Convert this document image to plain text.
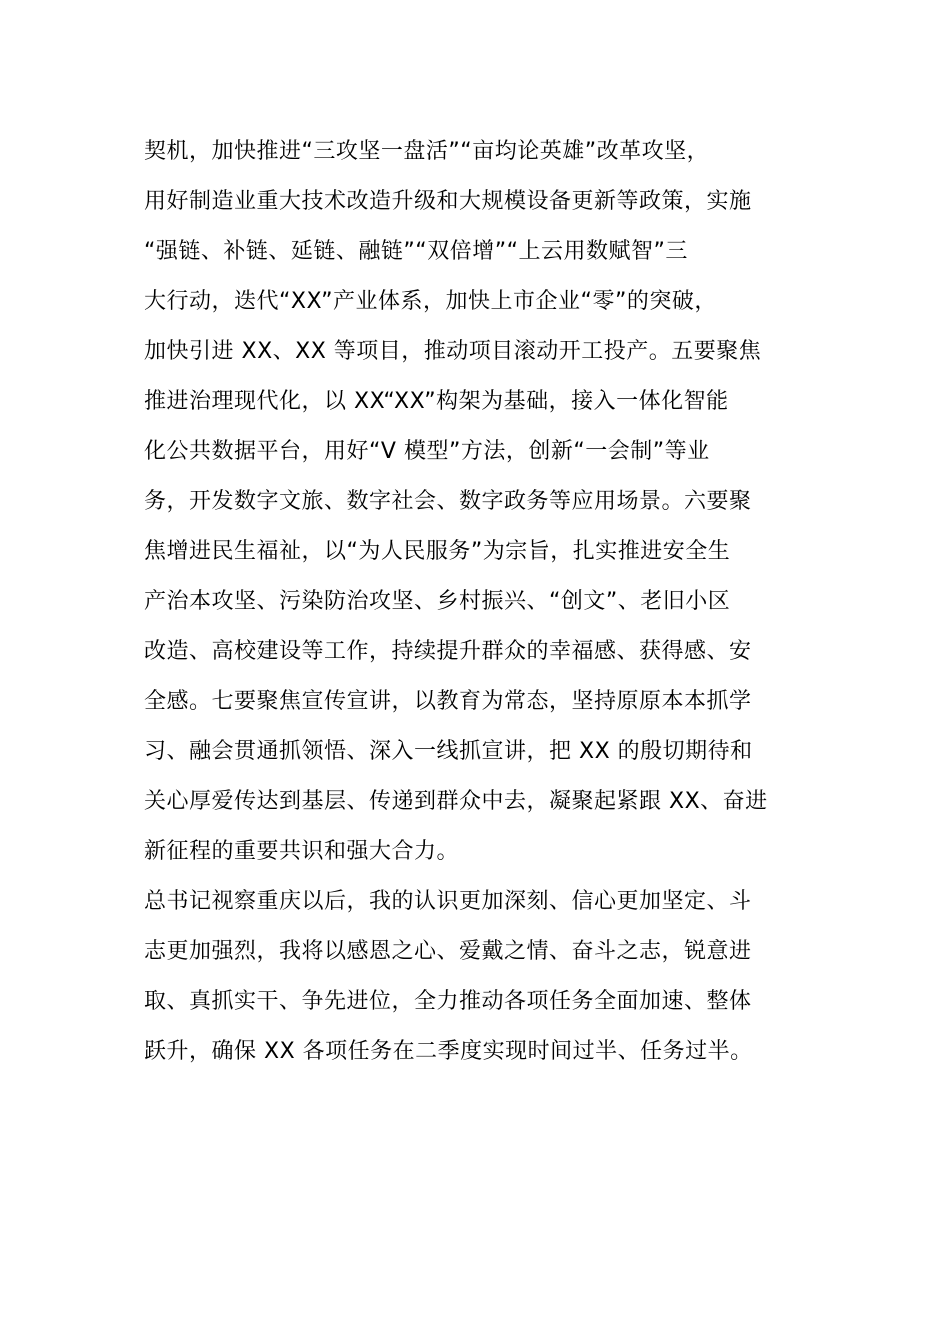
契机，加快推进“三攻坚一盘活”“亩均论英雄”改革攻坚，
用好制造业重大技术改造升级和大规模设备更新等政策，实施
“强链、补链、延链、融链”“双倍增”“上云用数赋智”三
大行动，迭代“XX”产业体系，加快上市企业“零”的突破，
加快引进 XX、XX 等项目，推动项目滚动开工投产。五要聚焦
推进治理现代化，以 XX“XX”构架为基础，接入一体化智能
化公共数据平台，用好“V 模型”方法，创新“一会制”等业
务，开发数字文旅、数字社会、数字政务等应用场景。六要聚
焦增进民生福祉，以“为人民服务”为宗旨，扎实推进安全生
产治本攻坚、污染防治攻坚、乡村振兴、“创文”、老旧小区
改造、高校建设等工作，持续提升群众的幸福感、获得感、安
全感。七要聚焦宣传宣讲，以教育为常态，坚持原原本本抓学
习、融会贯通抓领悟、深入一线抓宣讲，把 XX 的殷切期待和
关心厚爱传达到基层、传递到群众中去，凝聚起紧跟 XX、奋进
新征程的重要共识和强大合力。
总书记视察重庆以后，我的认识更加深刻、信心更加坚定、斗
志更加强烈，我将以感恩之心、爱戴之情、奋斗之志，锐意进
取、真抓实干、争先进位，全力推动各项任务全面加速、整体
跃升，确保 XX 各项任务在二季度实现时间过半、任务过半。
